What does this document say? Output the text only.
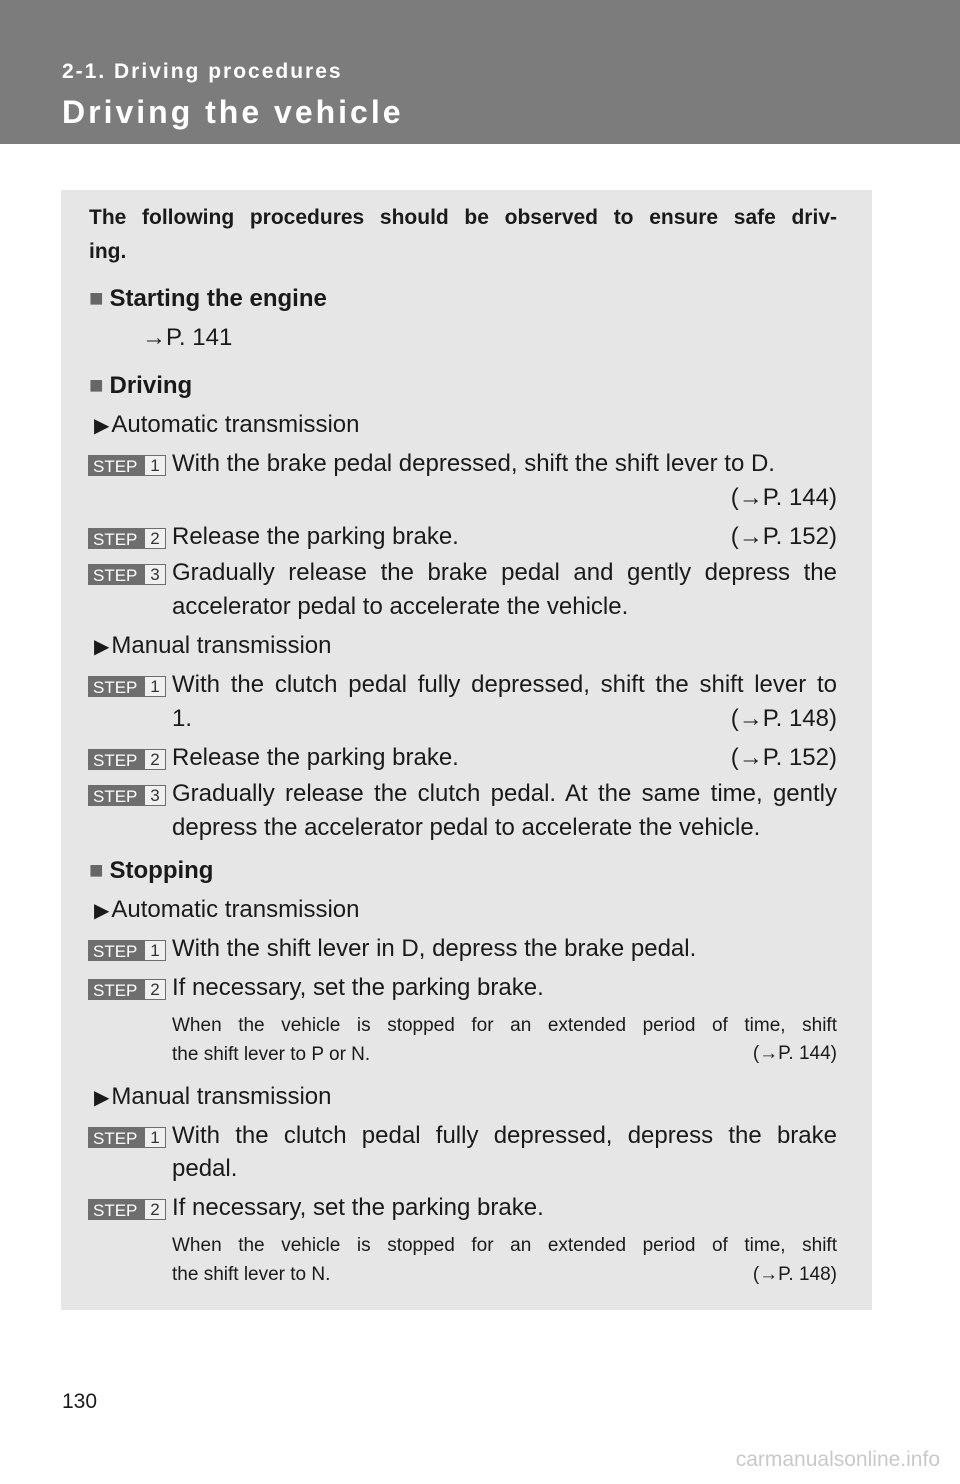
2-1. Driving procedures
Driving the vehicle
The following procedures should be observed to ensure safe driv-
ing.
■ Starting the engine
→P. 141
■ Driving
▶Automatic transmission
STEP 1 With the brake pedal depressed, shift the shift lever to D.
(→P. 144)
STEP 2 Release the parking brake.	(→P. 152)
STEP 3 Gradually release the brake pedal and gently depress the
accelerator pedal to accelerate the vehicle.
▶Manual transmission
STEP 1 With the clutch pedal fully depressed, shift the shift lever to
1.	(→P. 148)
STEP 2 Release the parking brake.	(→P. 152)
STEP 3 Gradually release the clutch pedal. At the same time, gently
depress the accelerator pedal to accelerate the vehicle.
■ Stopping
▶Automatic transmission
STEP 1 With the shift lever in D, depress the brake pedal.
STEP 2 If necessary, set the parking brake.
When the vehicle is stopped for an extended period of time, shift
the shift lever to P or N.	(→P. 144)
▶Manual transmission
STEP 1 With the clutch pedal fully depressed, depress the brake
pedal.
STEP 2 If necessary, set the parking brake.
When the vehicle is stopped for an extended period of time, shift
the shift lever to N.	(→P. 148)
130
carmanualsonline.info
